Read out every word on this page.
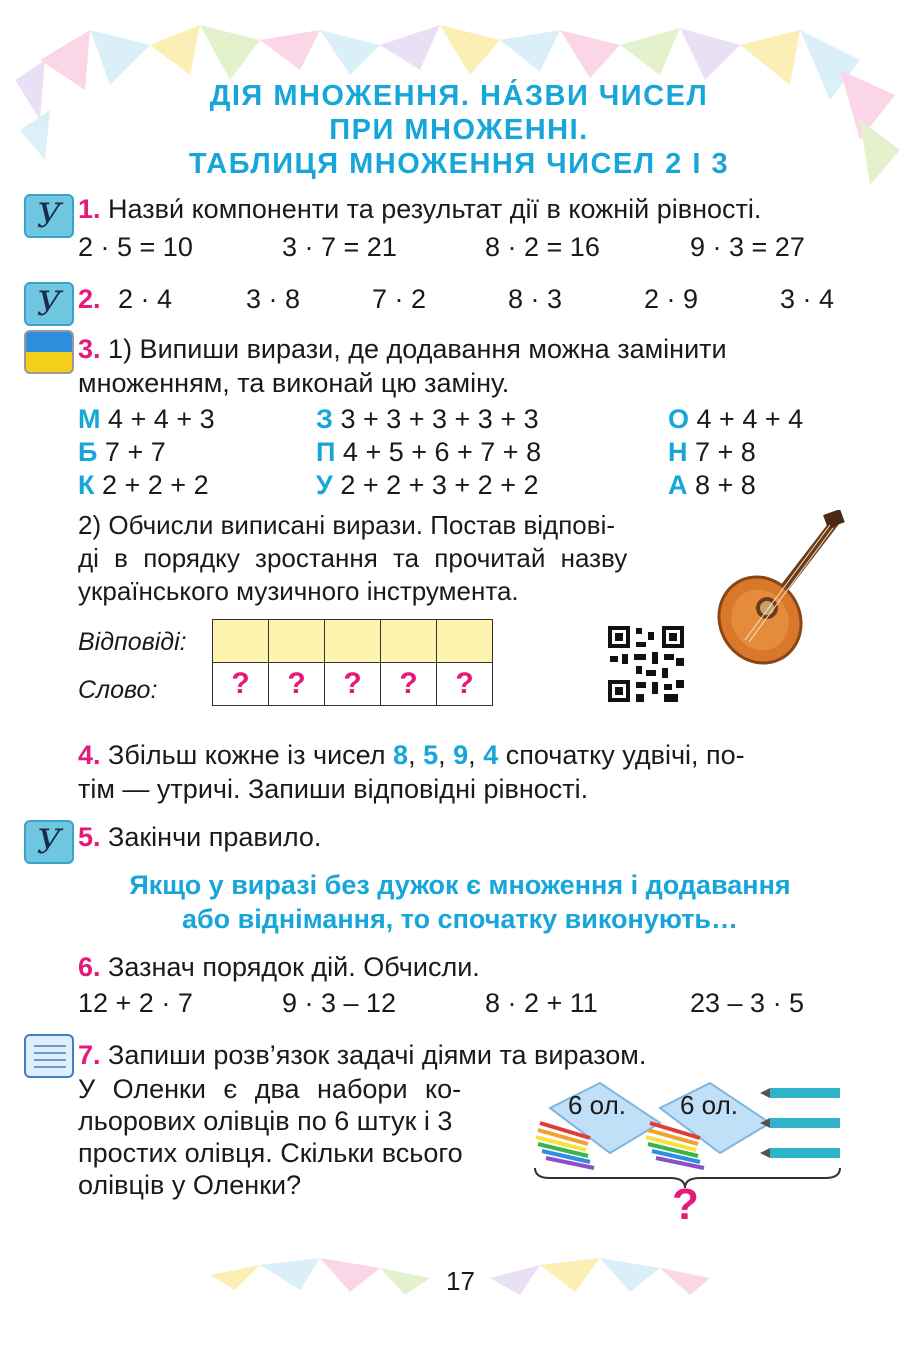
ДІЯ МНОЖЕННЯ. НА́ЗВИ ЧИСЕЛ
ПРИ МНОЖЕННІ.
ТАБЛИЦЯ МНОЖЕННЯ ЧИСЕЛ 2 І 3
У 1. Назви́ компоненти та результат дії в кожній рівності.
2 · 5 = 10	3 · 7 = 21	8 · 2 = 16	9 · 3 = 27
У 2. 2 · 4	3 · 8	7 · 2	8 · 3	2 · 9	3 · 4
3. 1) Випиши вирази, де додавання можна замінити
множенням, та виконай цю заміну.
М 4 + 4 + 3	З 3 + 3 + 3 + 3 + 3	О 4 + 4 + 4
Б 7 + 7	П 4 + 5 + 6 + 7 + 8	Н 7 + 8
К 2 + 2 + 2	У 2 + 2 + 3 + 2 + 2	А 8 + 8
2) Обчисли виписані вирази. Постав відпові-
ді в порядку зростання та прочитай назву
українського музичного інструмента.
Відповіді:
Слово:
				?	?	?	?	?
4. Збільш кожне із чисел 8, 5, 9, 4 спочатку удвічі, по-
тім — утричі. Запиши відповідні рівності.
У 5. Закінчи правило.
Якщо у виразі без дужок є множення і додавання
або віднімання, то спочатку виконують…
6. Зазнач порядок дій. Обчисли.
12 + 2 · 7	9 · 3 – 12	8 · 2 + 11	23 – 3 · 5
7. Запиши розв’язок задачі діями та виразом.
У Оленки є два набори ко-
льорових олівців по 6 штук і 3
простих олівця. Скільки всього
олівців у Оленки?
6 ол. 6 ол.
?
17
